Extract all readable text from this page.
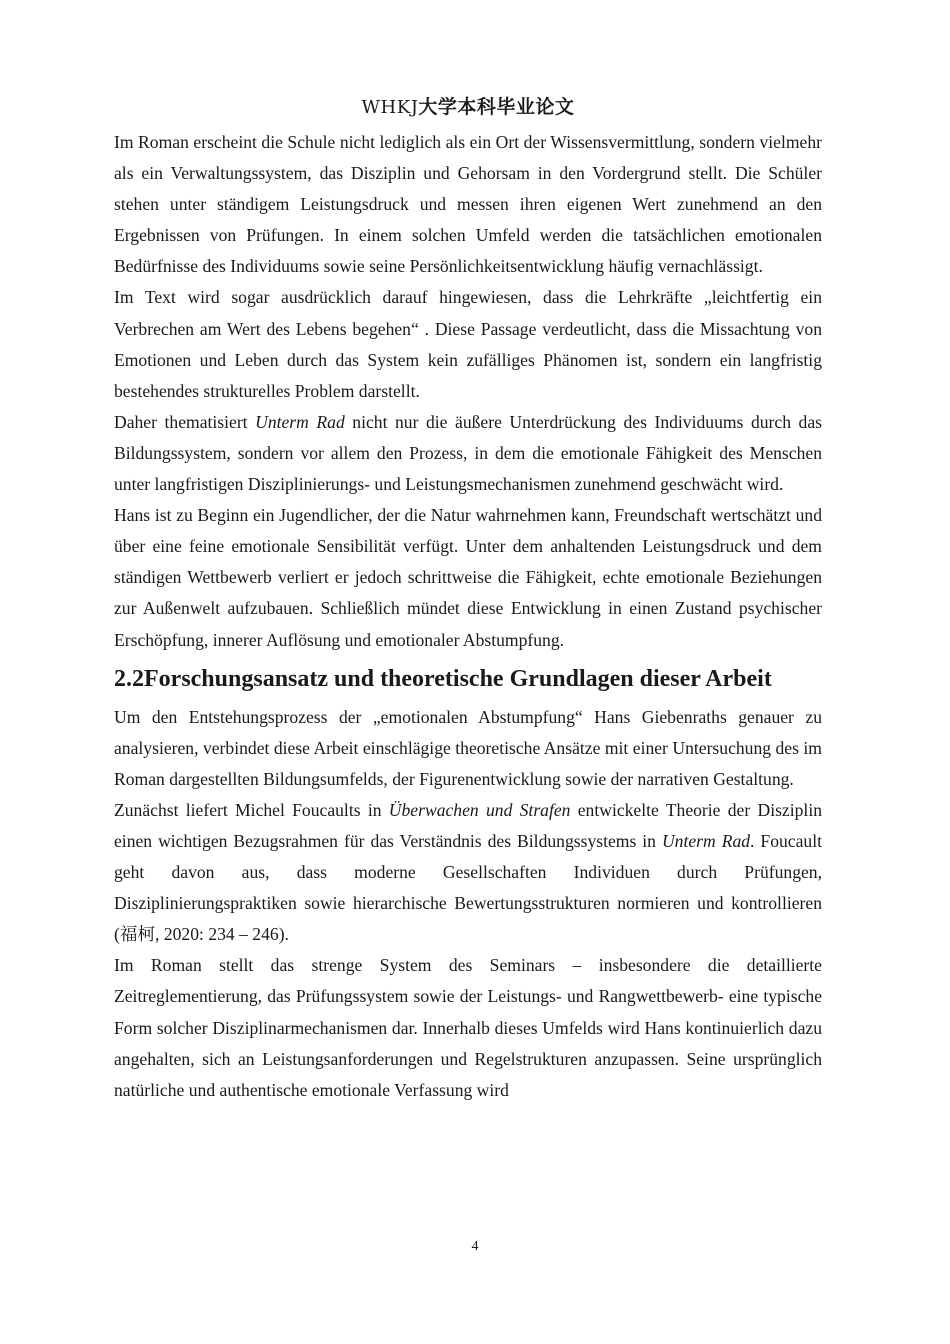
WHKJ大学本科毕业论文

Im Roman erscheint die Schule nicht lediglich als ein Ort der Wissensvermittlung, sondern vielmehr als ein Verwaltungssystem, das Disziplin und Gehorsam in den Vordergrund stellt. Die Schüler stehen unter ständigem Leistungsdruck und messen ihren eigenen Wert zunehmend an den Ergebnissen von Prüfungen. In einem solchen Umfeld werden die tatsächlichen emotionalen Bedürfnisse des Individuums sowie seine Persönlichkeitsentwicklung häufig vernachlässigt.

Im Text wird sogar ausdrücklich darauf hingewiesen, dass die Lehrkräfte „leichtfertig ein Verbrechen am Wert des Lebens begehen“ . Diese Passage verdeutlicht, dass die Missachtung von Emotionen und Leben durch das System kein zufälliges Phänomen ist, sondern ein langfristig bestehendes strukturelles Problem darstellt.

Daher thematisiert Unterm Rad nicht nur die äußere Unterdrückung des Individuums durch das Bildungssystem, sondern vor allem den Prozess, in dem die emotionale Fähigkeit des Menschen unter langfristigen Disziplinierungs- und Leistungsmechanismen zunehmend geschwächt wird.

Hans ist zu Beginn ein Jugendlicher, der die Natur wahrnehmen kann, Freundschaft wertschätzt und über eine feine emotionale Sensibilität verfügt. Unter dem anhaltenden Leistungsdruck und dem ständigen Wettbewerb verliert er jedoch schrittweise die Fähigkeit, echte emotionale Beziehungen zur Außenwelt aufzubauen. Schließlich mündet diese Entwicklung in einen Zustand psychischer Erschöpfung, innerer Auflösung und emotionaler Abstumpfung.

2.2Forschungsansatz und theoretische Grundlagen dieser Arbeit

Um den Entstehungsprozess der „emotionalen Abstumpfung“ Hans Giebenraths genauer zu analysieren, verbindet diese Arbeit einschlägige theoretische Ansätze mit einer Untersuchung des im Roman dargestellten Bildungsumfelds, der Figurenentwicklung sowie der narrativen Gestaltung.

Zunächst liefert Michel Foucaults in Überwachen und Strafen entwickelte Theorie der Disziplin einen wichtigen Bezugsrahmen für das Verständnis des Bildungssystems in Unterm Rad. Foucault geht davon aus, dass moderne Gesellschaften Individuen durch Prüfungen, Disziplinierungspraktiken sowie hierarchische Bewertungsstrukturen normieren und kontrollieren (福柯, 2020: 234 – 246).

Im Roman stellt das strenge System des Seminars – insbesondere die detaillierte Zeitreglementierung, das Prüfungssystem sowie der Leistungs- und Rangwettbewerb- eine typische Form solcher Disziplinarmechanismen dar. Innerhalb dieses Umfelds wird Hans kontinuierlich dazu angehalten, sich an Leistungsanforderungen und Regelstrukturen anzupassen. Seine ursprünglich natürliche und authentische emotionale Verfassung wird

4
